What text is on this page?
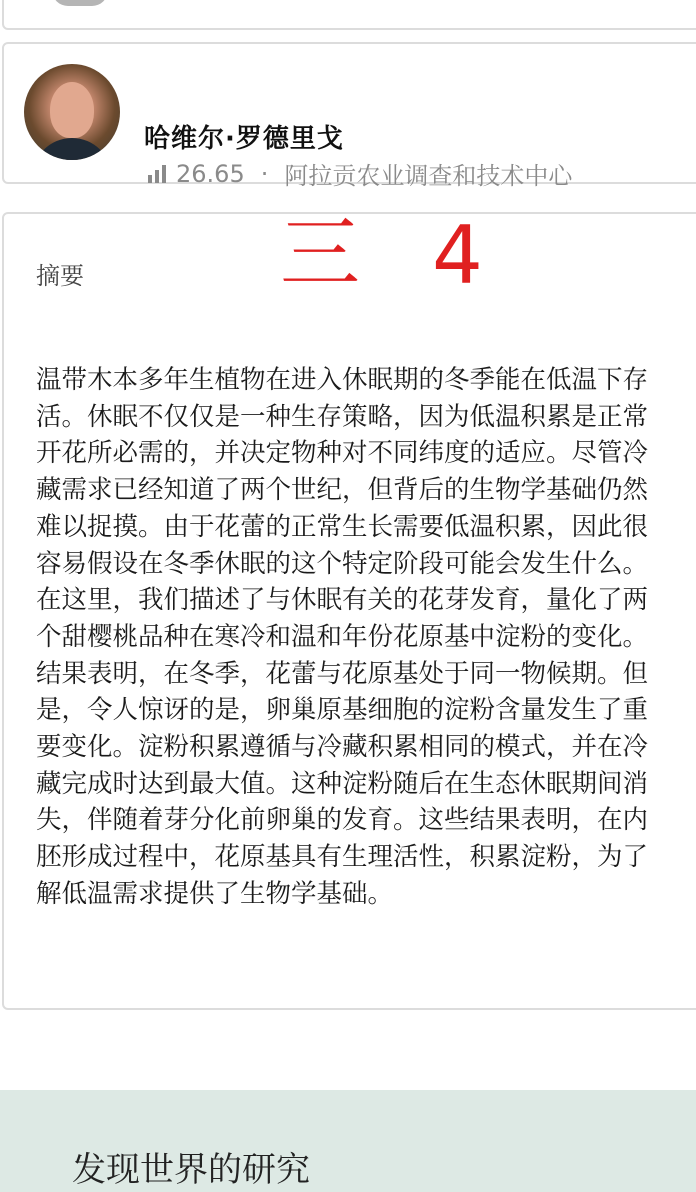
哈维尔·罗德里戈
26.65 · 阿拉贡农业调查和技术中心
摘要 三 4

温带木本多年生植物在进入休眠期的冬季能在低温下存活。休眠不仅仅是一种生存策略，因为低温积累是正常开花所必需的，并决定物种对不同纬度的适应。尽管冷藏需求已经知道了两个世纪，但背后的生物学基础仍然难以捉摸。由于花蕾的正常生长需要低温积累，因此很容易假设在冬季休眠的这个特定阶段可能会发生什么。在这里，我们描述了与休眠有关的花芽发育，量化了两个甜樱桃品种在寒冷和温和年份花原基中淀粉的变化。结果表明，在冬季，花蕾与花原基处于同一物候期。但是，令人惊讶的是，卵巢原基细胞的淀粉含量发生了重要变化。淀粉积累遵循与冷藏积累相同的模式，并在冷藏完成时达到最大值。这种淀粉随后在生态休眠期间消失，伴随着芽分化前卵巢的发育。这些结果表明，在内胚形成过程中，花原基具有生理活性，积累淀粉，为了解低温需求提供了生物学基础。

发现世界的研究
